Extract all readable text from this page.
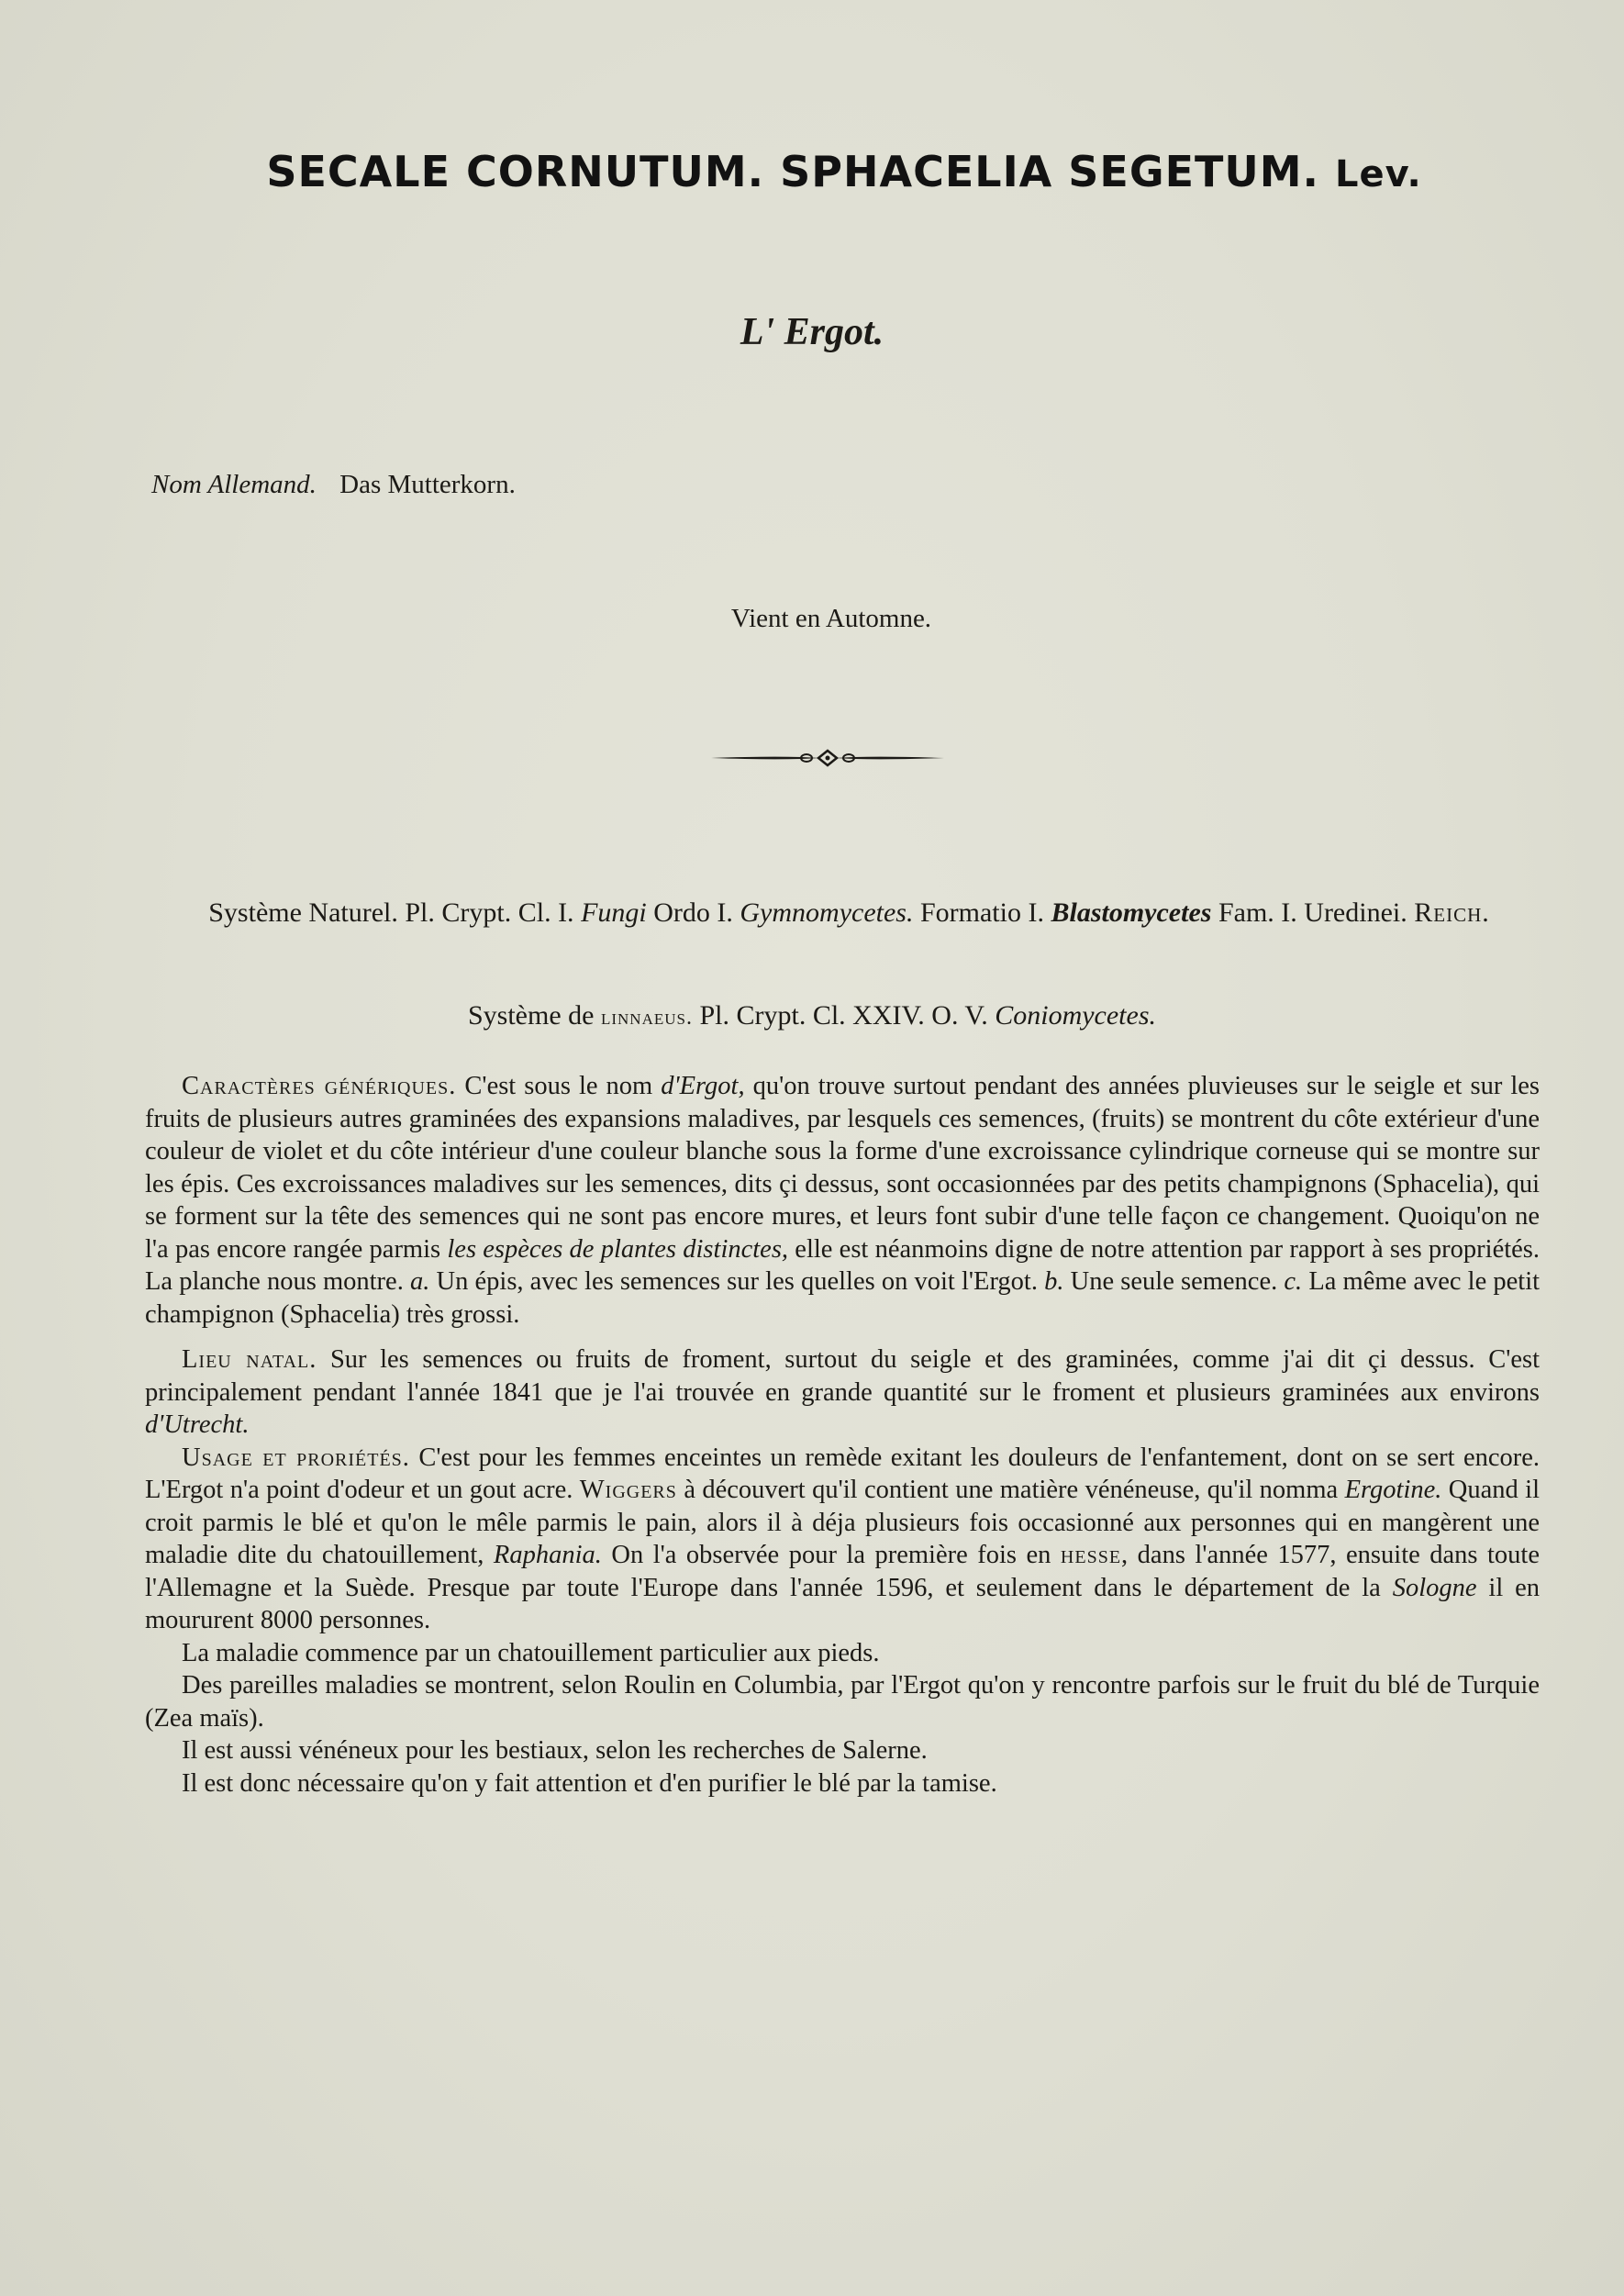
SECALE CORNUTUM. SPHACELIA SEGETUM. Lev.
L' Ergot.
Nom Allemand. Das Mutterkorn.
Vient en Automne.
Système Naturel. Pl. Crypt. Cl. I. Fungi Ordo I. Gymnomycetes. Formatio I. Blastomycetes Fam. I. Uredinei. Reich.
Système de linnaeus. Pl. Crypt. Cl. XXIV. O. V. Coniomycetes.

Caractères génériques. C'est sous le nom d'Ergot, qu'on trouve surtout pendant des années pluvieuses sur le seigle et sur les fruits de plusieurs autres graminées des expansions maladives, par lesquels ces semences, (fruits) se montrent du côte extérieur d'une couleur de violet et du côte intérieur d'une couleur blanche sous la forme d'une excroissance cylindrique corneuse qui se montre sur les épis. Ces excroissances maladives sur les semences, dits çi dessus, sont occasionnées par des petits champignons (Sphacelia), qui se forment sur la tête des semences qui ne sont pas encore mures, et leurs font subir d'une telle façon ce changement. Quoiqu'on ne l'a pas encore rangée parmis les espèces de plantes distinctes, elle est néanmoins digne de notre attention par rapport à ses propriétés. La planche nous montre. a. Un épis, avec les semences sur les quelles on voit l'Ergot. b. Une seule semence. c. La même avec le petit champignon (Sphacelia) très grossi.

Lieu natal. Sur les semences ou fruits de froment, surtout du seigle et des graminées, comme j'ai dit çi dessus. C'est principalement pendant l'année 1841 que je l'ai trouvée en grande quantité sur le froment et plusieurs graminées aux environs d'Utrecht.

Usage et proriétés. C'est pour les femmes enceintes un remède exitant les douleurs de l'enfantement, dont on se sert encore. L'Ergot n'a point d'odeur et un gout acre. Wiggers à découvert qu'il contient une matière vénéneuse, qu'il nomma Ergotine. Quand il croit parmis le blé et qu'on le mêle parmis le pain, alors il à déja plusieurs fois occasionné aux personnes qui en mangèrent une maladie dite du chatouillement, Raphania. On l'a observée pour la première fois en hesse, dans l'année 1577, ensuite dans toute l'Allemagne et la Suède. Presque par toute l'Europe dans l'année 1596, et seulement dans le département de la Sologne il en moururent 8000 personnes.

La maladie commence par un chatouillement particulier aux pieds.

Des pareilles maladies se montrent, selon Roulin en Columbia, par l'Ergot qu'on y rencontre parfois sur le fruit du blé de Turquie (Zea maïs).

Il est aussi vénéneux pour les bestiaux, selon les recherches de Salerne.

Il est donc nécessaire qu'on y fait attention et d'en purifier le blé par la tamise.
